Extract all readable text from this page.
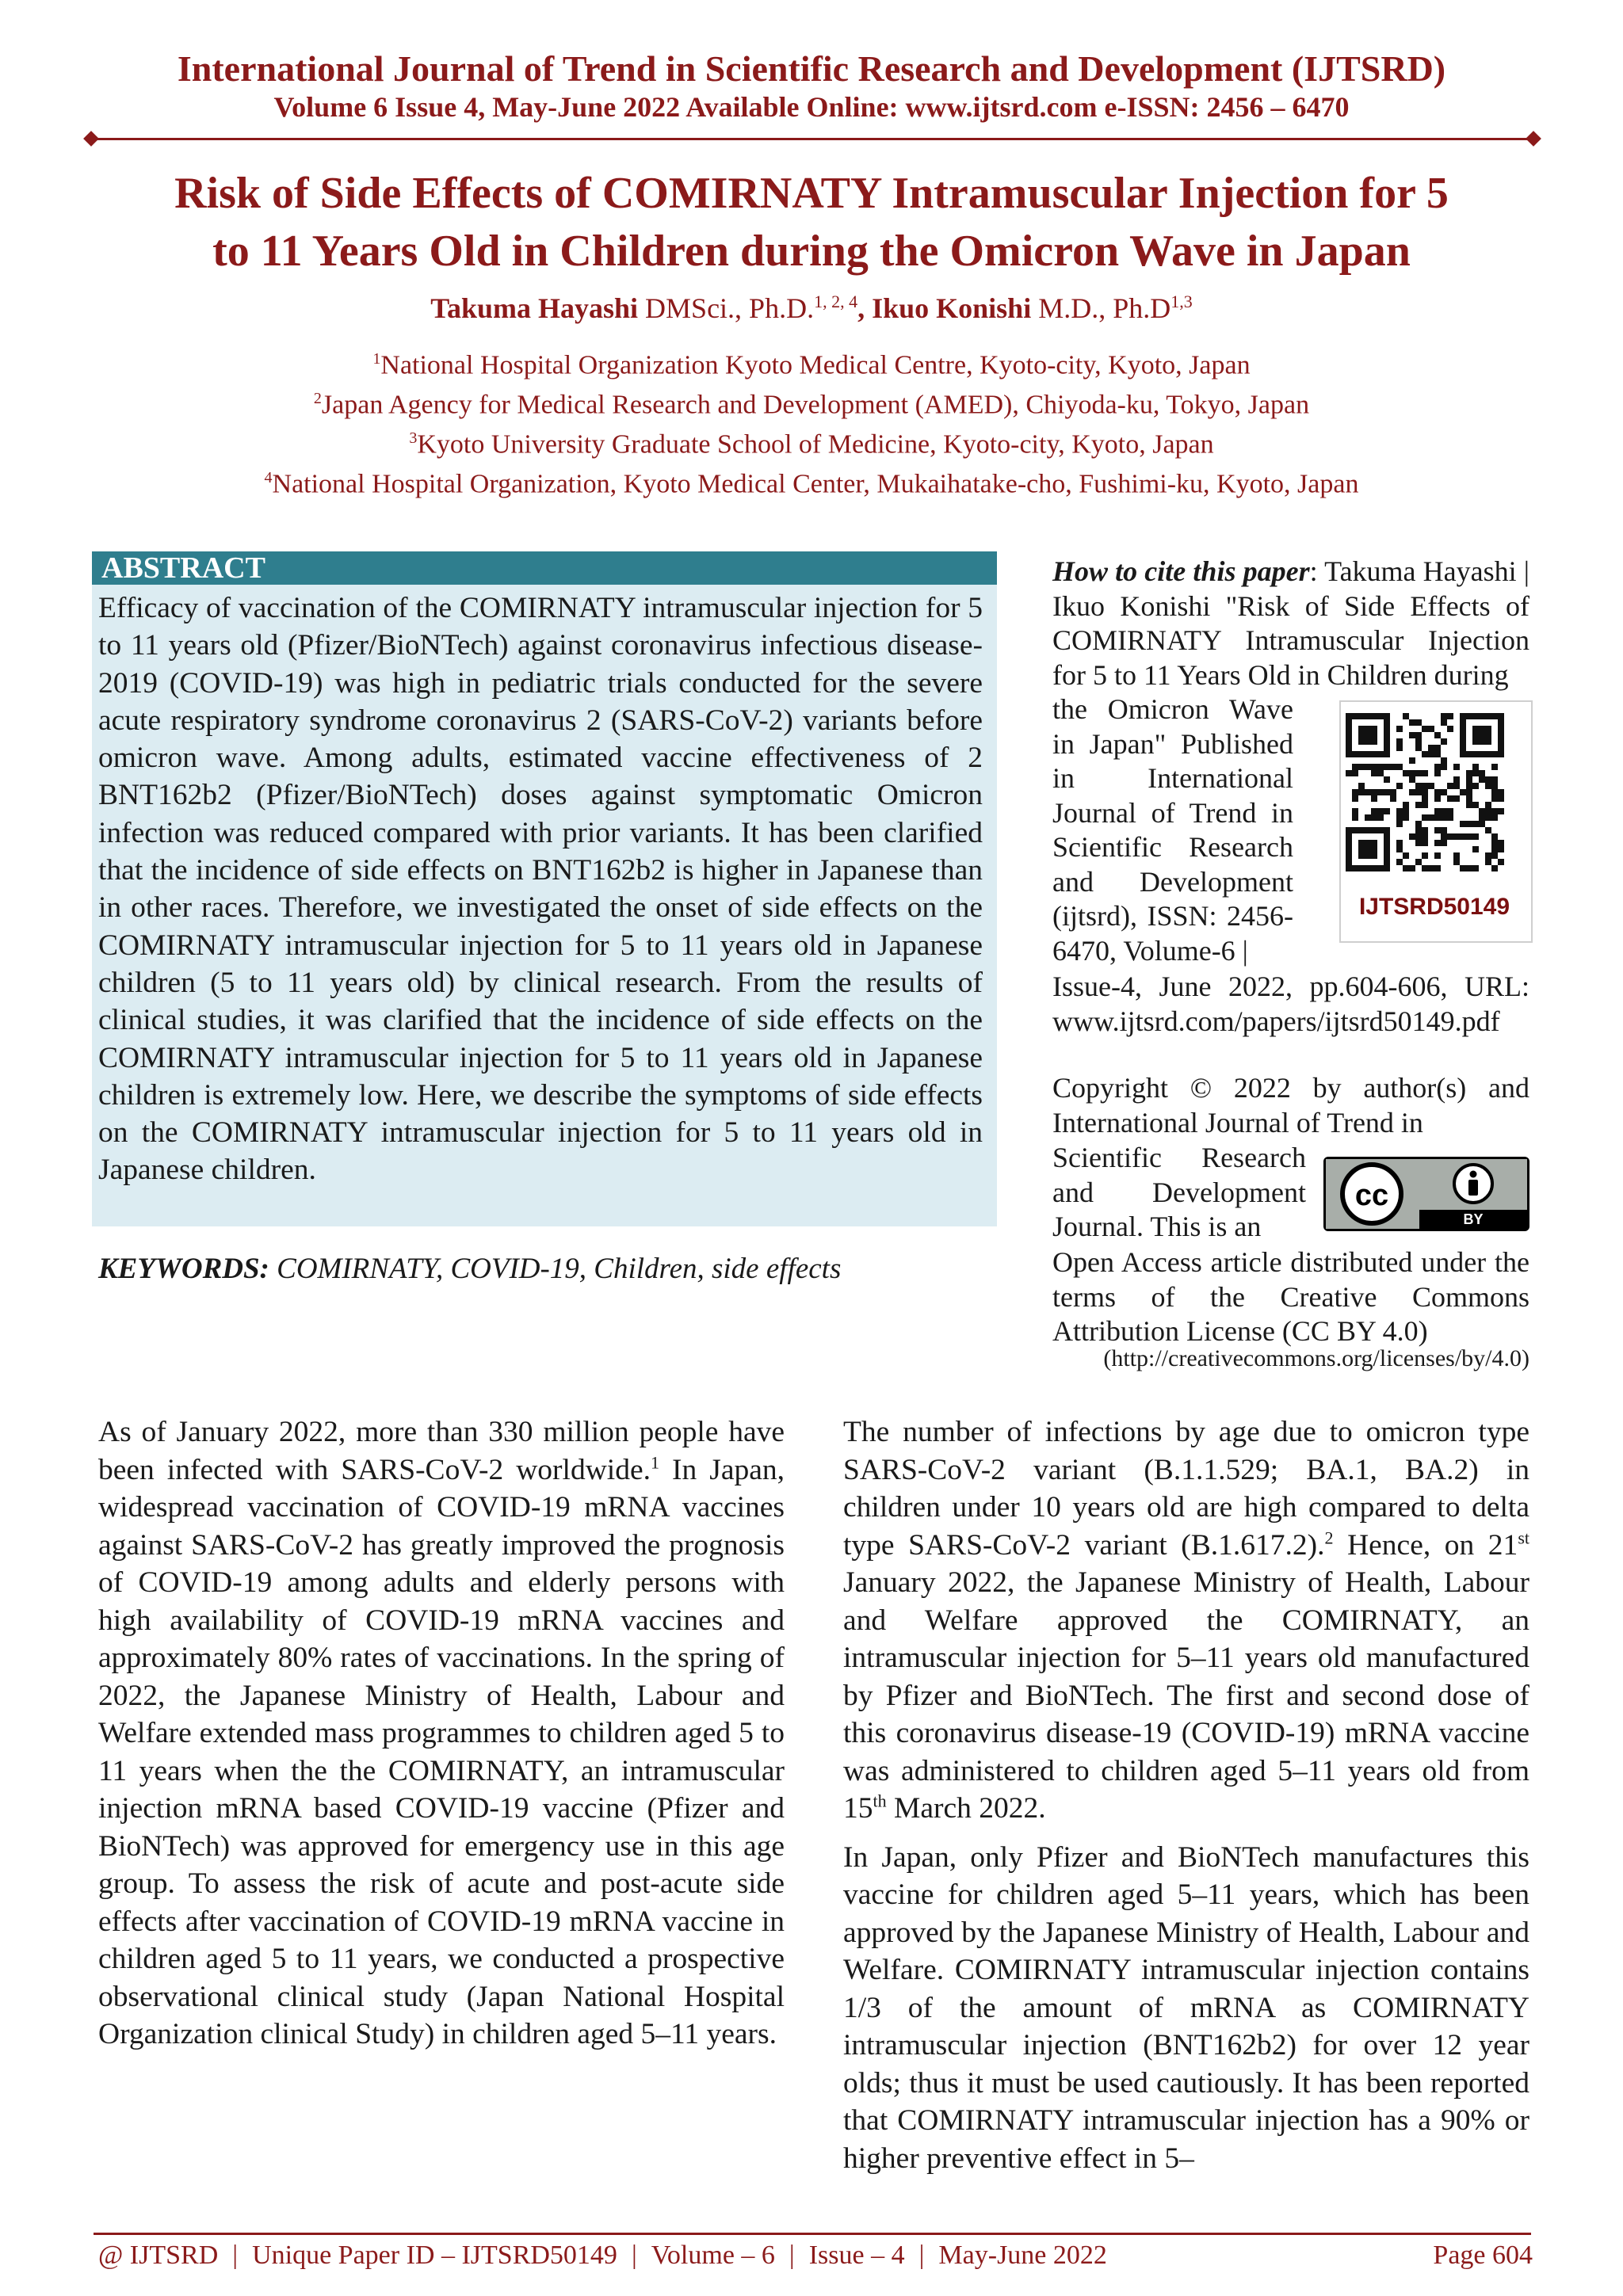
International Journal of Trend in Scientific Research and Development (IJTSRD)
Volume 6 Issue 4, May-June 2022 Available Online: www.ijtsrd.com e-ISSN: 2456 – 6470
Risk of Side Effects of COMIRNATY Intramuscular Injection for 5
to 11 Years Old in Children during the Omicron Wave in Japan
Takuma Hayashi DMSci., Ph.D.$^{1, 2, 4}$, Ikuo Konishi M.D., $Ph.D^{1,3}$
$^1$National Hospital Organization Kyoto Medical Centre, Kyoto-city, Kyoto, Japan
$^2$Japan Agency for Medical Research and Development (AMED), Chiyoda-ku, Tokyo, Japan
$^3$Kyoto University Graduate School of Medicine, Kyoto-city, Kyoto, Japan
$^4$National Hospital Organization, Kyoto Medical Center, Mukaihatake-cho, Fushimi-ku, Kyoto, Japan
ABSTRACT
Efficacy of vaccination of the COMIRNATY intramuscular injection for 5 to 11 years old (Pfizer/BioNTech) against coronavirus infectious disease-2019 (COVID-19) was high in pediatric trials conducted for the severe acute respiratory syndrome coronavirus 2 (SARS-CoV-2) variants before omicron wave. Among adults, estimated vaccine effectiveness of 2 BNT162b2 (Pfizer/BioNTech) doses against symptomatic Omicron infection was reduced compared with prior variants. It has been clarified that the incidence of side effects on BNT162b2 is higher in Japanese than in other races. Therefore, we investigated the onset of side effects on the COMIRNATY intramuscular injection for 5 to 11 years old in Japanese children (5 to 11 years old) by clinical research. From the results of clinical studies, it was clarified that the incidence of side effects on the COMIRNATY intramuscular injection for 5 to 11 years old in Japanese children is extremely low. Here, we describe the symptoms of side effects on the COMIRNATY intramuscular injection for 5 to 11 years old in Japanese children.
KEYWORDS: COMIRNATY, COVID-19, Children, side effects
How to cite this paper: Takuma Hayashi | Ikuo Konishi "Risk of Side Effects of COMIRNATY Intramuscular Injection for 5 to 11 Years Old in Children during
the Omicron Wave in Japan" Published in International Journal of Trend in Scientific Research and Development (ijtsrd), ISSN: 2456-6470, Volume-6 |
IJTSRD50149
Issue-4, June 2022, pp.604-606, URL: www.ijtsrd.com/papers/ijtsrd50149.pdf
Copyright © 2022 by author(s) and International Journal of Trend in
Scientific Research and Development Journal. This is an
cc
BY
Open Access article distributed under the terms of the Creative Commons Attribution License (CC BY 4.0)
(http://creativecommons.org/licenses/by/4.0)

As of January 2022, more than 330 million people have been infected with SARS-CoV-2 worldwide.$^1$ In Japan, widespread vaccination of COVID-19 mRNA vaccines against SARS-CoV-2 has greatly improved the prognosis of COVID-19 among adults and elderly persons with high availability of COVID-19 mRNA vaccines and approximately 80% rates of vaccinations. In the spring of 2022, the Japanese Ministry of Health, Labour and Welfare extended mass programmes to children aged 5 to 11 years when the the COMIRNATY, an intramuscular injection mRNA based COVID-19 vaccine (Pfizer and BioNTech) was approved for emergency use in this age group. To assess the risk of acute and post-acute side effects after vaccination of COVID-19 mRNA vaccine in children aged 5 to 11 years, we conducted a prospective observational clinical study (Japan National Hospital Organization clinical Study) in children aged 5–11 years.

The number of infections by age due to omicron type SARS-CoV-2 variant (B.1.1.529; BA.1, BA.2) in children under 10 years old are high compared to delta type SARS-CoV-2 variant (B.1.617.2).$^2$ Hence, on 21st January 2022, the Japanese Ministry of Health, Labour and Welfare approved the COMIRNATY, an intramuscular injection for 5–11 years old manufactured by Pfizer and BioNTech. The first and second dose of this coronavirus disease-19 (COVID-19) mRNA vaccine was administered to children aged 5–11 years old from 15th March 2022.

In Japan, only Pfizer and BioNTech manufactures this vaccine for children aged 5–11 years, which has been approved by the Japanese Ministry of Health, Labour and Welfare. COMIRNATY intramuscular injection contains 1/3 of the amount of mRNA as COMIRNATY intramuscular injection (BNT162b2) for over 12 year olds; thus it must be used cautiously. It has been reported that COMIRNATY intramuscular injection has a 90% or higher preventive effect in 5–

@ IJTSRD | Unique Paper ID – IJTSRD50149 | Volume – 6 | Issue – 4 | May-June 2022	Page 604
